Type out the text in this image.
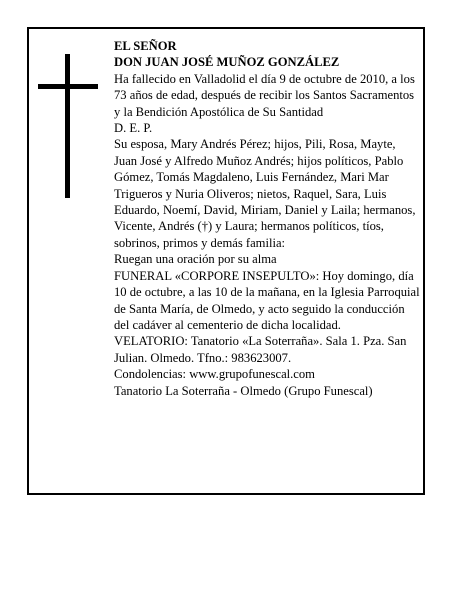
EL SEÑOR

DON JUAN JOSÉ MUÑOZ GONZÁLEZ

Ha fallecido en Valladolid el día 9 de octubre de 2010, a los 73 años de edad, después de recibir los Santos Sacramentos y la Bendición Apostólica de Su Santidad

D. E. P.

Su esposa, Mary Andrés Pérez; hijos, Pili, Rosa, Mayte, Juan José y Alfredo Muñoz Andrés; hijos políticos, Pablo Gómez, Tomás Magdaleno, Luis Fernández, Mari Mar Trigueros y Nuria Oliveros; nietos, Raquel, Sara, Luis Eduardo, Noemí, David, Miriam, Daniel y Laila; hermanos, Vicente, Andrés (†) y Laura; hermanos políticos, tíos, sobrinos, primos y demás familia:

Ruegan una oración por su alma

FUNERAL «CORPORE INSEPULTO»: Hoy domingo, día 10 de octubre, a las 10 de la mañana, en la Iglesia Parroquial de Santa María, de Olmedo, y acto seguido la conducción del cadáver al cementerio de dicha localidad.

VELATORIO: Tanatorio «La Soterraña». Sala 1. Pza. San Julian. Olmedo. Tfno.: 983623007.

Condolencias: www.grupofunescal.com

Tanatorio La Soterraña - Olmedo (Grupo Funescal)
